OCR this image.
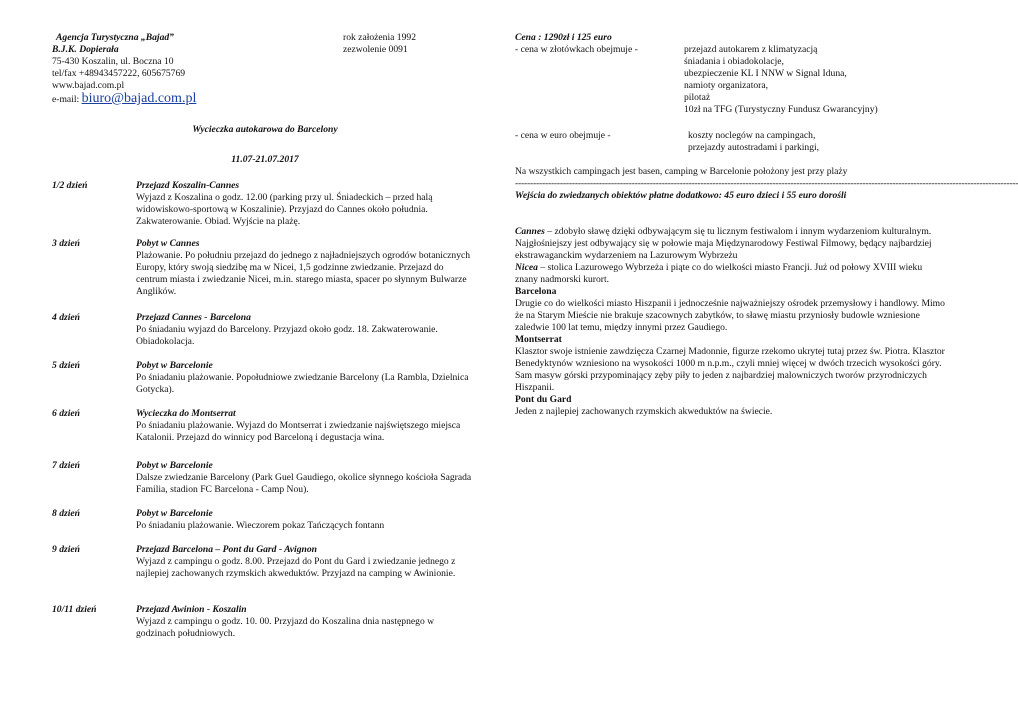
Agencja Turystyczna „Bajad”
B.J.K. Dopierała
75-430 Koszalin, ul. Boczna 10
tel/fax +48943457222, 605675769
www.bajad.com.pl
e-mail: biuro@bajad.com.pl
rok założenia 1992
zezwolenie 0091
Wycieczka autokarowa do Barcelony
11.07-21.07.2017
1/2 dzień	Przejazd Koszalin-Cannes
Wyjazd z Koszalina o godz. 12.00 (parking przy ul. Śniadeckich – przed halą widowiskowo-sportową w Koszalinie). Przyjazd do Cannes około południa. Zakwaterowanie. Obiad. Wyjście na plażę.
3 dzień	Pobyt w Cannes
Plażowanie. Po południu przejazd do jednego z najładniejszych ogrodów botanicznych Europy, który swoją siedzibę ma w Nicei, 1,5 godzinne zwiedzanie. Przejazd do centrum miasta i zwiedzanie Nicei, m.in. starego miasta, spacer po słynnym Bulwarze Anglików.
4 dzień	Przejazd Cannes - Barcelona
Po śniadaniu wyjazd do Barcelony. Przyjazd około godz. 18. Zakwaterowanie. Obiadokolacja.
5 dzień	Pobyt w Barcelonie
Po śniadaniu plażowanie. Popołudniowe zwiedzanie Barcelony (La Rambla, Dzielnica Gotycka).
6 dzień	Wycieczka do Montserrat
Po śniadaniu plażowanie. Wyjazd do Montserrat i zwiedzanie najświętszego miejsca Katalonii. Przejazd do winnicy pod Barceloną i degustacja wina.
7 dzień	Pobyt w Barcelonie
Dalsze zwiedzanie Barcelony (Park Guel Gaudiego, okolice słynnego kościoła Sagrada Familia, stadion FC Barcelona - Camp Nou).
8 dzień	Pobyt w Barcelonie
Po śniadaniu plażowanie. Wieczorem pokaz Tańczących fontann
9 dzień	Przejazd Barcelona – Pont du Gard - Avignon
Wyjazd z campingu o godz. 8.00. Przejazd do Pont du Gard i zwiedzanie jednego z najlepiej zachowanych rzymskich akweduktów. Przyjazd na camping w Awinionie.
10/11 dzień	Przejazd Awinion - Koszalin
Wyjazd z campingu o godz. 10. 00. Przyjazd do Koszalina dnia następnego w godzinach południowych.
Cena : 1290zł i 125 euro
- cena w złotówkach obejmuje -	przejazd autokarem z klimatyzacją
śniadania i obiadokolacje,
ubezpieczenie KL I NNW w Signal Iduna,
namioty organizatora,
pilotaż
10zł na TFG (Turystyczny Fundusz Gwarancyjny)
- cena w euro obejmuje -	koszty noclegów na campingach,
przejazdy autostradami i parkingi,
Na wszystkich campingach jest basen, camping w Barcelonie położony jest przy plaży
------------------------------------------------------------------------------------------------------------------------------------------------------------------------
Wejścia do zwiedzanych obiektów płatne dodatkowo: 45 euro dzieci i 55 euro dorośli

Cannes – zdobyło sławę dzięki odbywającym się tu licznym festiwalom i innym wydarzeniom kulturalnym. Najgłośniejszy jest odbywający się w połowie maja Międzynarodowy Festiwal Filmowy, będący najbardziej ekstrawaganckim wydarzeniem na Lazurowym Wybrzeżu

Nicea – stolica Lazurowego Wybrzeża i piąte co do wielkości miasto Francji. Już od połowy XVIII wieku znany nadmorski kurort.

Barcelona

Drugie co do wielkości miasto Hiszpanii i jednocześnie najważniejszy ośrodek przemysłowy i handlowy. Mimo że na Starym Mieście nie brakuje szacownych zabytków, to sławę miastu przyniosły budowle wzniesione zaledwie 100 lat temu, między innymi przez Gaudiego.

Montserrat

Klasztor swoje istnienie zawdzięcza Czarnej Madonnie, figurze rzekomo ukrytej tutaj przez św. Piotra. Klasztor Benedyktynów wzniesiono na wysokości 1000 m n.p.m., czyli mniej więcej w dwóch trzecich wysokości góry. Sam masyw górski przypominający zęby piły to jeden z najbardziej malowniczych tworów przyrodniczych Hiszpanii.

Pont du Gard

Jeden z najlepiej zachowanych rzymskich akweduktów na świecie.
